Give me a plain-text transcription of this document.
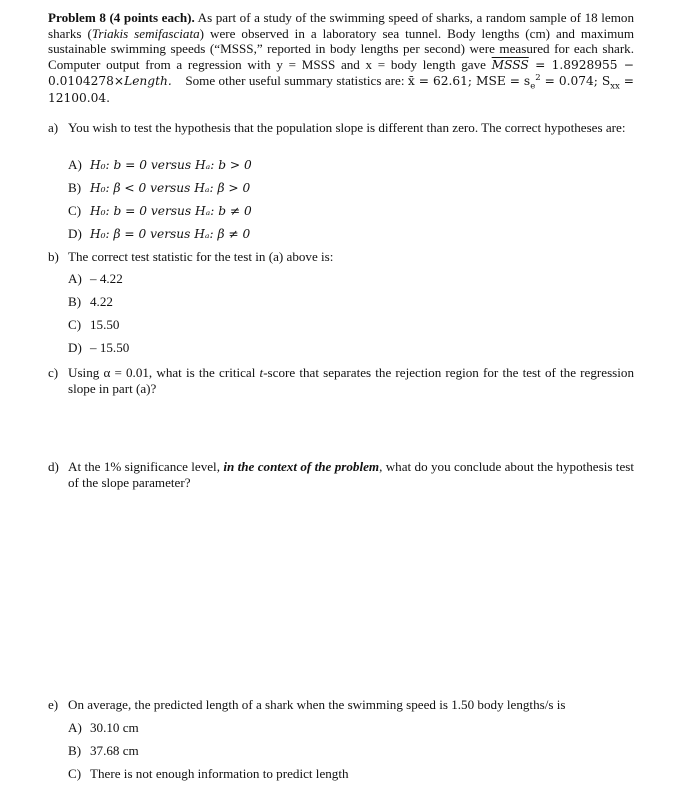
Problem 8 (4 points each). As part of a study of the swimming speed of sharks, a random sample of 18 lemon sharks (Triakis semifasciata) were observed in a laboratory sea tunnel. Body lengths (cm) and maximum sustainable swimming speeds (“MSSS,” reported in body lengths per second) were measured for each shark. Computer output from a regression with y = MSSS and x = body length gave MSSS = 1.8928955 − 0.0104278×Length. Some other useful summary statistics are: x̄ = 62.61; MSE = $s_e^2 = 0.074$; $S_{xx} = 12100.04$.

a) You wish to test the hypothesis that the population slope is different than zero. The correct hypotheses are:
A) H₀: b = 0 versus Hₐ: b > 0
B) H₀: β < 0 versus Hₐ: β > 0
C) H₀: b = 0 versus Hₐ: b ≠ 0
D) H₀: β = 0 versus Hₐ: β ≠ 0
b) The correct test statistic for the test in (a) above is:
A) – 4.22
B) 4.22
C) 15.50
D) – 15.50
c) Using α = 0.01, what is the critical t-score that separates the rejection region for the test of the regression slope in part (a)?
d) At the 1% significance level, in the context of the problem, what do you conclude about the hypothesis test of the slope parameter?
e) On average, the predicted length of a shark when the swimming speed is 1.50 body lengths/s is
A) 30.10 cm
B) 37.68 cm
C) There is not enough information to predict length
